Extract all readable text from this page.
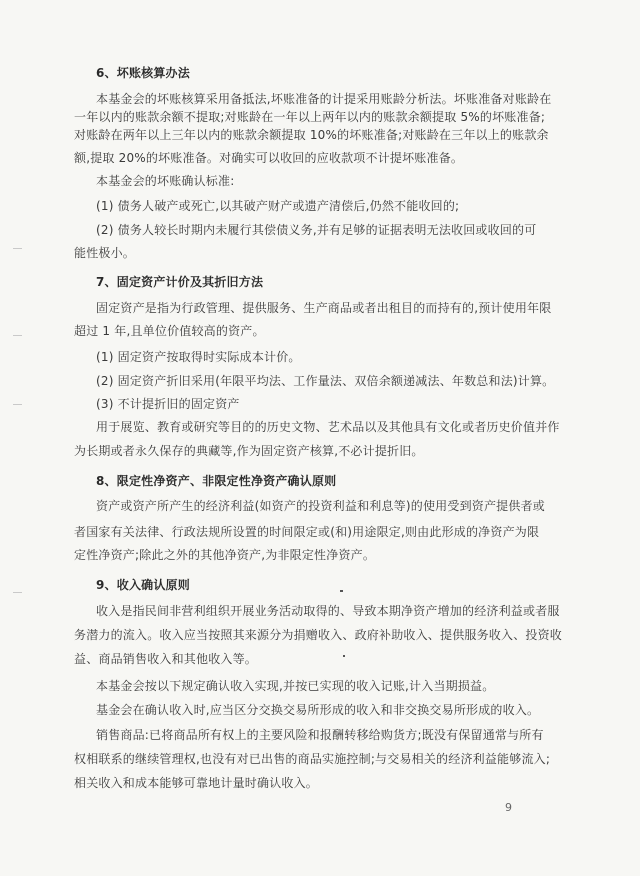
6、坏账核算办法
本基金会的坏账核算采用备抵法,坏账准备的计提采用账龄分析法。坏账准备对账龄在
一年以内的账款余额不提取;对账龄在一年以上两年以内的账款余额提取 5%的坏账准备;
对账龄在两年以上三年以内的账款余额提取 10%的坏账准备;对账龄在三年以上的账款余
额,提取 20%的坏账准备。对确实可以收回的应收款项不计提坏账准备。
本基金会的坏账确认标准:
(1) 债务人破产或死亡,以其破产财产或遗产清偿后,仍然不能收回的;
(2) 债务人较长时期内未履行其偿债义务,并有足够的证据表明无法收回或收回的可
能性极小。
7、固定资产计价及其折旧方法
固定资产是指为行政管理、提供服务、生产商品或者出租目的而持有的,预计使用年限
超过 1 年,且单位价值较高的资产。
(1) 固定资产按取得时实际成本计价。
(2) 固定资产折旧采用(年限平均法、工作量法、双倍余额递减法、年数总和法)计算。
(3) 不计提折旧的固定资产
用于展览、教育或研究等目的的历史文物、艺术品以及其他具有文化或者历史价值并作
为长期或者永久保存的典藏等,作为固定资产核算,不必计提折旧。
8、限定性净资产、非限定性净资产确认原则
资产或资产所产生的经济利益(如资产的投资利益和利息等)的使用受到资产提供者或
者国家有关法律、行政法规所设置的时间限定或(和)用途限定,则由此形成的净资产为限
定性净资产;除此之外的其他净资产,为非限定性净资产。
9、收入确认原则
收入是指民间非营利组织开展业务活动取得的、导致本期净资产增加的经济利益或者服
务潜力的流入。收入应当按照其来源分为捐赠收入、政府补助收入、提供服务收入、投资收
益、商品销售收入和其他收入等。
本基金会按以下规定确认收入实现,并按已实现的收入记账,计入当期损益。
基金会在确认收入时,应当区分交换交易所形成的收入和非交换交易所形成的收入。
销售商品:已将商品所有权上的主要风险和报酬转移给购货方;既没有保留通常与所有
权相联系的继续管理权,也没有对已出售的商品实施控制;与交易相关的经济利益能够流入;
相关收入和成本能够可靠地计量时确认收入。
9
